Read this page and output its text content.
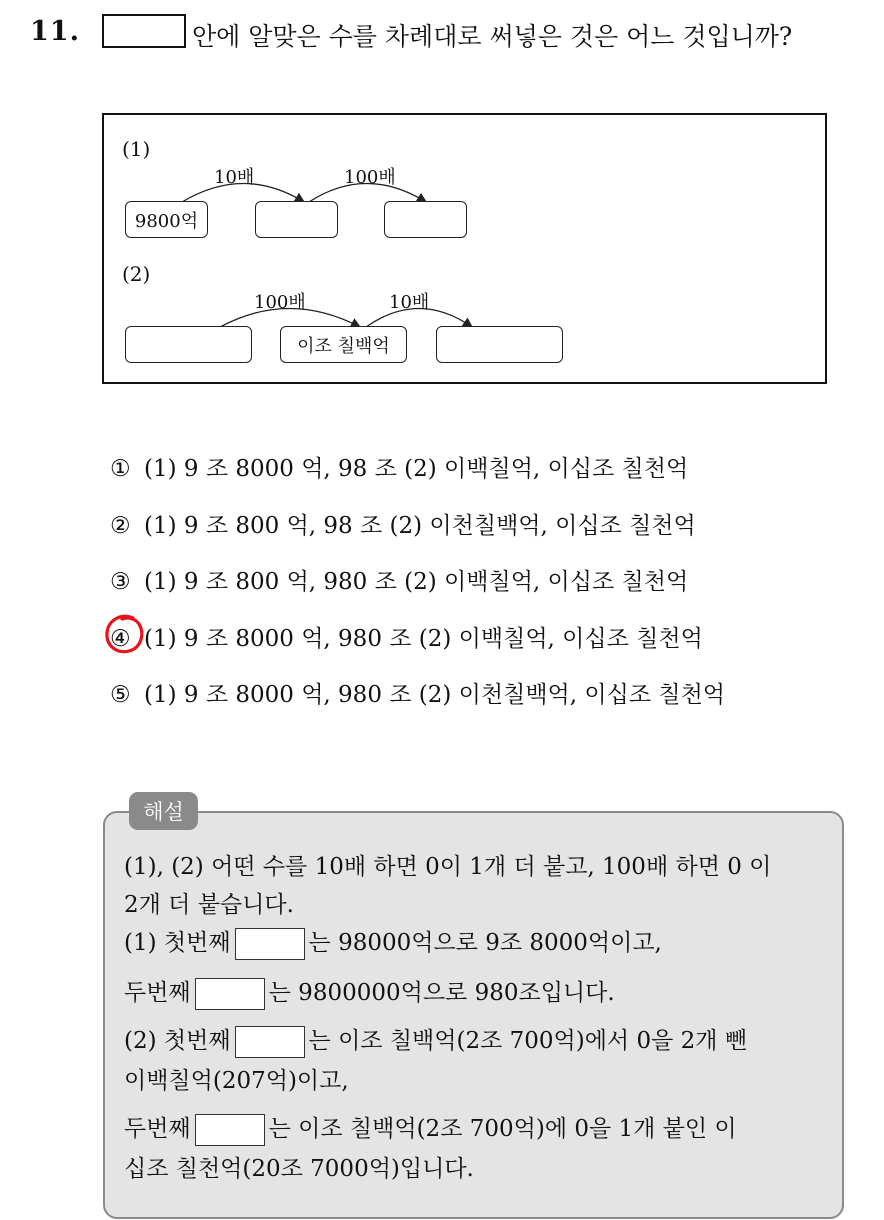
11.	안에 알맞은 수를 차례대로 써넣은 것은 어느 것입니까?
(1)
10배	100배
9800억
(2)
100배	10배
이조 칠백억
① (1) 9 조 8000 억, 98 조 (2) 이백칠억, 이십조 칠천억
② (1) 9 조 800 억, 98 조 (2) 이천칠백억, 이십조 칠천억
③ (1) 9 조 800 억, 980 조 (2) 이백칠억, 이십조 칠천억
④ (1) 9 조 8000 억, 980 조 (2) 이백칠억, 이십조 칠천억
⑤ (1) 9 조 8000 억, 980 조 (2) 이천칠백억, 이십조 칠천억
해설
(1), (2) 어떤 수를 10배 하면 0이 1개 더 붙고, 100배 하면 0 이
2개 더 붙습니다.
(1) 첫번째	는 98000억으로 9조 8000억이고,
두번째	는 9800000억으로 980조입니다.
(2) 첫번째	는 이조 칠백억(2조 700억)에서 0을 2개 뺀
이백칠억(207억)이고,
두번째	는 이조 칠백억(2조 700억)에 0을 1개 붙인 이
십조 칠천억(20조 7000억)입니다.
